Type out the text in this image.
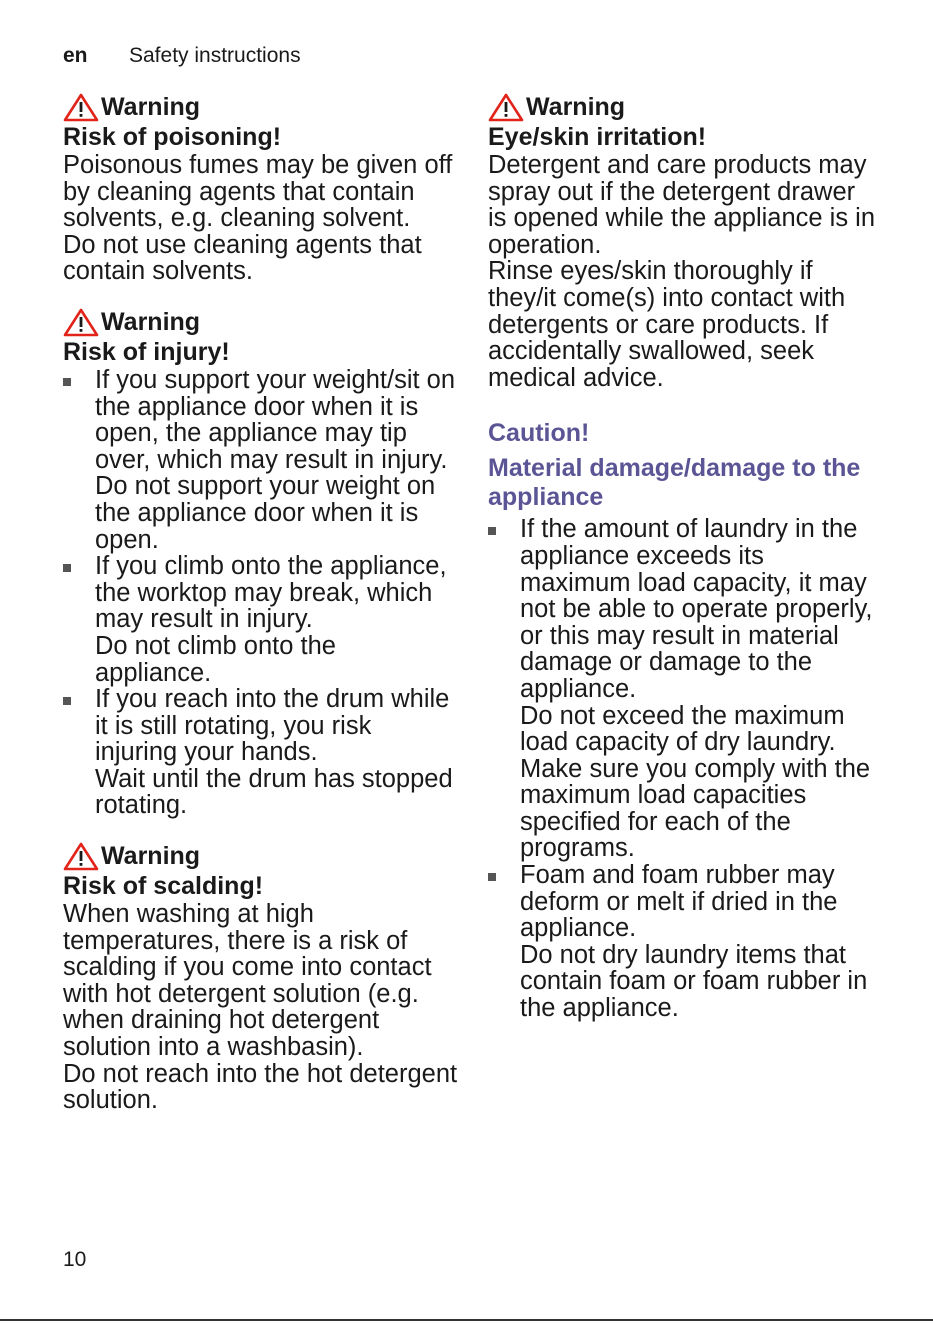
en Safety instructions
Warning
Risk of poisoning!

Poisonous fumes may be given off by cleaning agents that contain solvents, e.g. cleaning solvent.

Do not use cleaning agents that contain solvents.

Warning
Risk of injury!
If you support your weight/sit on the appliance door when it is open, the appliance may tip over, which may result in injury.
Do not support your weight on the appliance door when it is open.
If you climb onto the appliance, the worktop may break, which may result in injury.
Do not climb onto the appliance.
If you reach into the drum while it is still rotating, you risk injuring your hands.
Wait until the drum has stopped rotating.
Warning
Risk of scalding!

When washing at high temperatures, there is a risk of scalding if you come into contact with hot detergent solution (e.g. when draining hot detergent solution into a washbasin).

Do not reach into the hot detergent solution.

Warning
Eye/skin irritation!

Detergent and care products may spray out if the detergent drawer is opened while the appliance is in operation.

Rinse eyes/skin thoroughly if they/it come(s) into contact with detergents or care products. If accidentally swallowed, seek medical advice.

Caution!
Material damage/damage to the appliance
If the amount of laundry in the appliance exceeds its maximum load capacity, it may not be able to operate properly, or this may result in material damage or damage to the appliance.
Do not exceed the maximum load capacity of dry laundry. Make sure you comply with the maximum load capacities specified for each of the programs.
Foam and foam rubber may deform or melt if dried in the appliance.
Do not dry laundry items that contain foam or foam rubber in the appliance.
10
